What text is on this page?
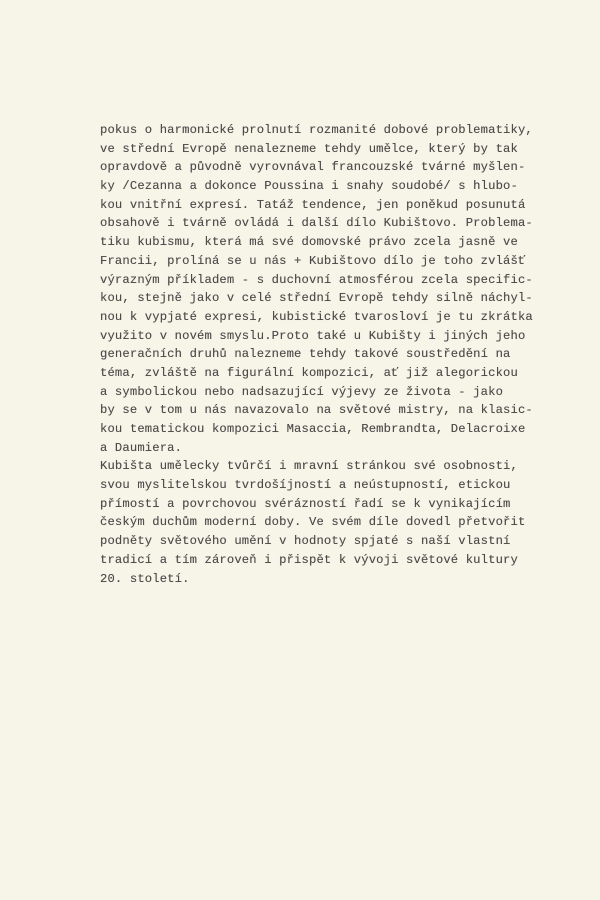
pokus o harmonické prolnutí rozmanité dobové problematiky,
ve střední Evropě nenalezneme tehdy umělce, který by tak
opravdově a původně vyrovnával francouzské tvárné myšlen-
ky /Cezanna a dokonce Poussina i snahy soudobé/ s hlubo-
kou vnitřní expresí. Tatáž tendence, jen poněkud posunutá
obsahově i tvárně ovládá i další dílo Kubištovo. Problema-
tiku kubismu, která má své domovské právo zcela jasně ve
Francii, prolíná se u nás + Kubištovo dílo je toho zvlášť
výrazným příkladem - s duchovní atmosférou zcela specific-
kou, stejně jako v celé střední Evropě tehdy silně náchyl-
nou k vypjaté expresi, kubistické tvarosloví je tu zkrátka
využito v novém smyslu.Proto také u Kubišty i jiných jeho
generačních druhů nalezneme tehdy takové soustředění na
téma, zvláště na figurální kompozici, ať již alegorickou
a symbolickou nebo nadsazující výjevy ze života - jako
by se v tom u nás navazovalo na světové mistry, na klasic-
kou tematickou kompozici Masaccia, Rembrandta, Delacroixe
a Daumiera.
Kubišta umělecky tvůrčí i mravní stránkou své osobnosti,
svou myslitelskou tvrdošíjností a neústupností, etickou
přímostí a povrchovou svérázností řadí se k vynikajícím
českým duchům moderní doby. Ve svém díle dovedl přetvořit
podněty světového umění v hodnoty spjaté s naší vlastní
tradicí a tím zároveň i přispět k vývoji světové kultury
20. století.
